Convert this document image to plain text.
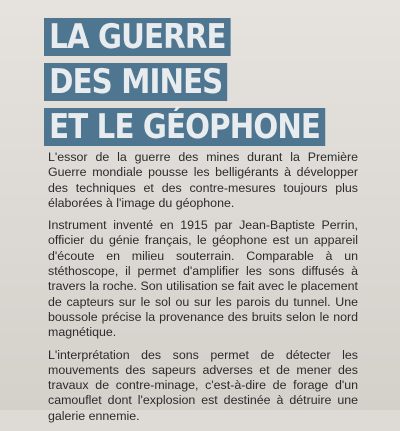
LA GUERRE
DES MINES
ET LE GÉOPHONE

L'essor de la guerre des mines durant la Première Guerre mondiale pousse les belligérants à développer des techniques et des contre-mesures toujours plus élaborées à l'image du géophone.

Instrument inventé en 1915 par Jean-Baptiste Perrin, officier du génie français, le géophone est un appareil d'écoute en milieu souterrain. Comparable à un stéthoscope, il permet d'amplifier les sons diffusés à travers la roche. Son utilisation se fait avec le placement de capteurs sur le sol ou sur les parois du tunnel. Une boussole précise la provenance des bruits selon le nord magnétique.

L'interprétation des sons permet de détecter les mouvements des sapeurs adverses et de mener des travaux de contre-minage, c'est-à-dire de forage d'un camouflet dont l'explosion est destinée à détruire une galerie ennemie.
